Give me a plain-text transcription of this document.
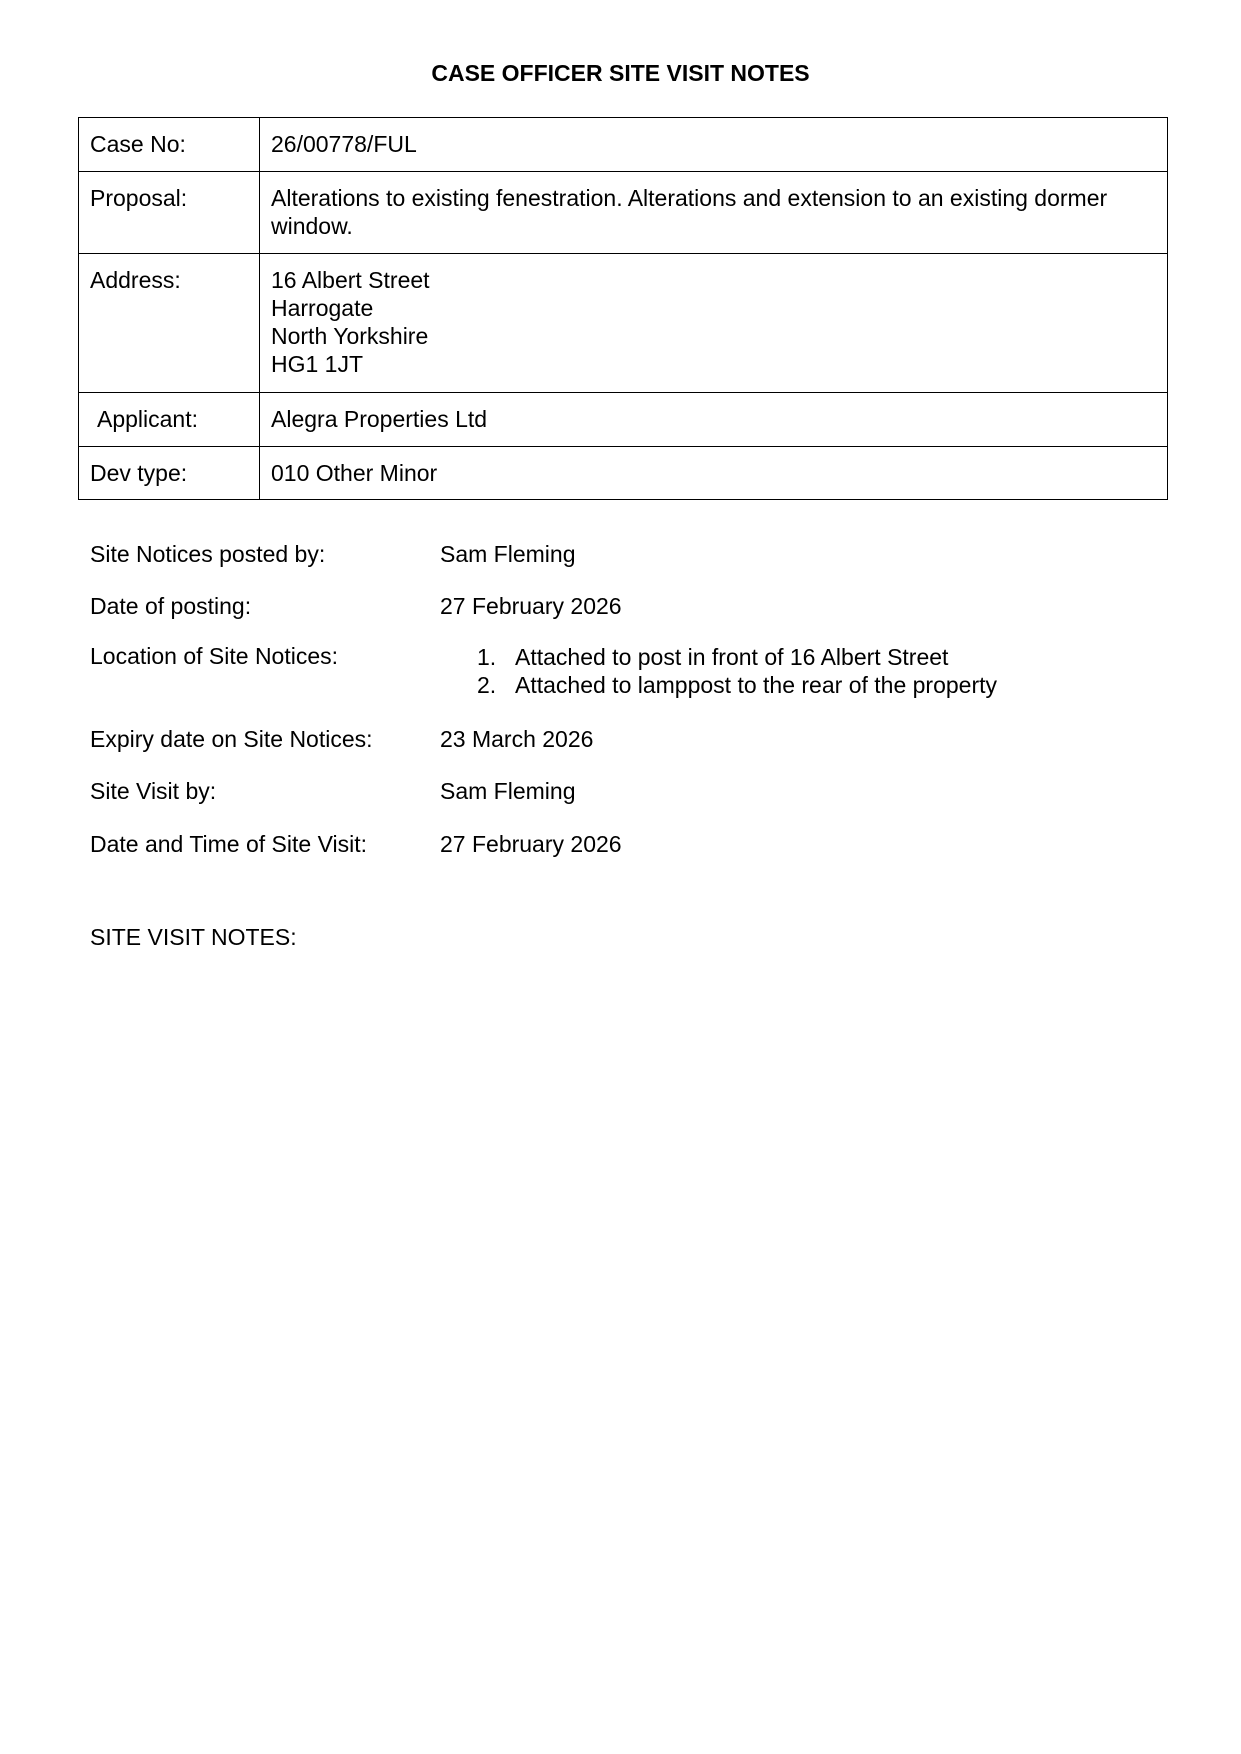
CASE OFFICER SITE VISIT NOTES
Case No:	26/00778/FUL
Proposal:	Alterations to existing fenestration. Alterations and extension to an existing dormer window.
Address:	16 Albert Street
Harrogate
North Yorkshire
HG1 1JT

Applicant:	Alegra Properties Ltd
Dev type:	010 Other Minor
Site Notices posted by:	Sam Fleming
Date of posting:	27 February 2026
Location of Site Notices:	1. Attached to post in front of 16 Albert Street
2. Attached to lamppost to the rear of the property
Expiry date on Site Notices:	23 March 2026
Site Visit by:	Sam Fleming
Date and Time of Site Visit:	27 February 2026
SITE VISIT NOTES:
